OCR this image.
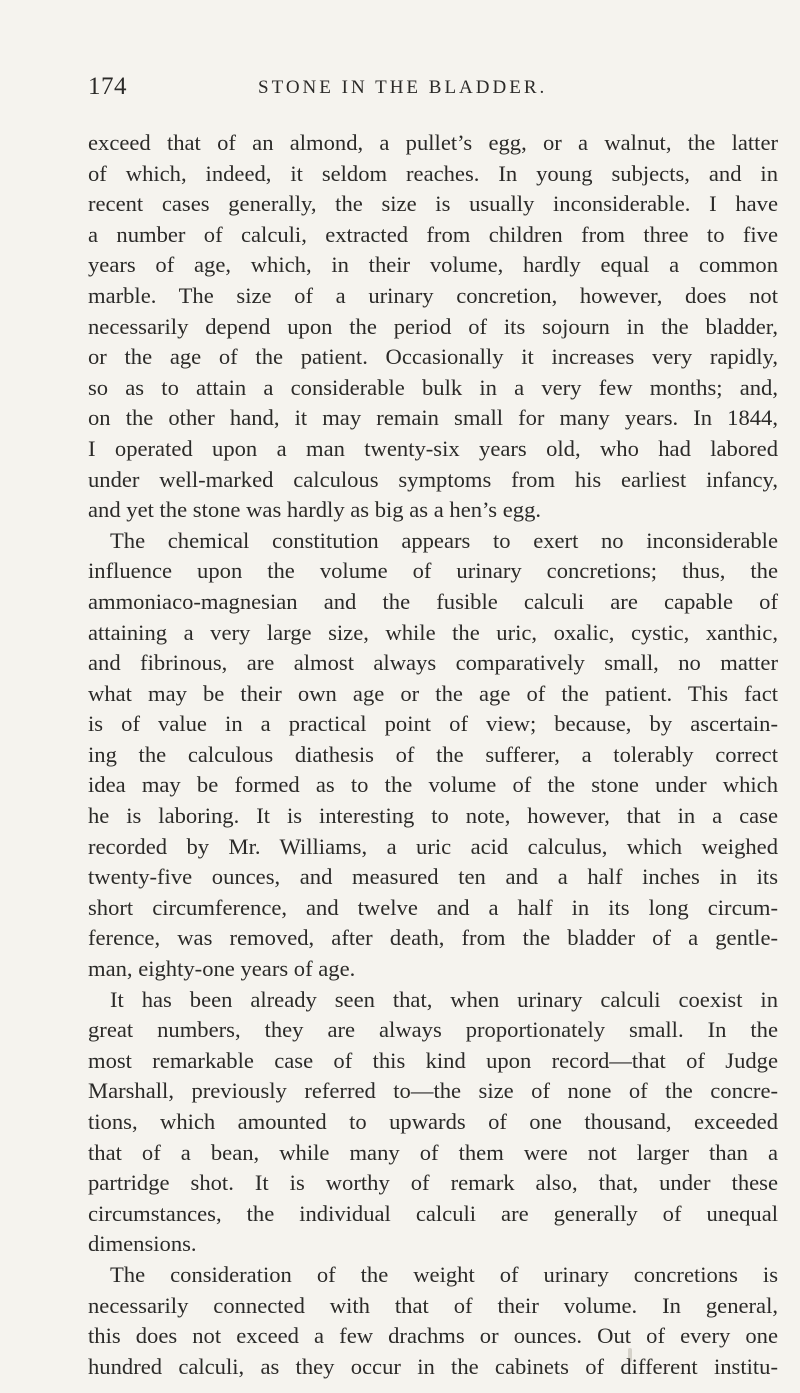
174	STONE IN THE BLADDER.
exceed that of an almond, a pullet’s egg, or a walnut, the latter
of which, indeed, it seldom reaches. In young subjects, and in
recent cases generally, the size is usually inconsiderable. I have
a number of calculi, extracted from children from three to five
years of age, which, in their volume, hardly equal a common
marble. The size of a urinary concretion, however, does not
necessarily depend upon the period of its sojourn in the bladder,
or the age of the patient. Occasionally it increases very rapidly,
so as to attain a considerable bulk in a very few months; and,
on the other hand, it may remain small for many years. In 1844,
I operated upon a man twenty-six years old, who had labored
under well-marked calculous symptoms from his earliest infancy,
and yet the stone was hardly as big as a hen’s egg.
The chemical constitution appears to exert no inconsiderable
influence upon the volume of urinary concretions; thus, the
ammoniaco-magnesian and the fusible calculi are capable of
attaining a very large size, while the uric, oxalic, cystic, xanthic,
and fibrinous, are almost always comparatively small, no matter
what may be their own age or the age of the patient. This fact
is of value in a practical point of view; because, by ascertain-
ing the calculous diathesis of the sufferer, a tolerably correct
idea may be formed as to the volume of the stone under which
he is laboring. It is interesting to note, however, that in a case
recorded by Mr. Williams, a uric acid calculus, which weighed
twenty-five ounces, and measured ten and a half inches in its
short circumference, and twelve and a half in its long circum-
ference, was removed, after death, from the bladder of a gentle-
man, eighty-one years of age.
It has been already seen that, when urinary calculi coexist in
great numbers, they are always proportionately small. In the
most remarkable case of this kind upon record—that of Judge
Marshall, previously referred to—the size of none of the concre-
tions, which amounted to upwards of one thousand, exceeded
that of a bean, while many of them were not larger than a
partridge shot. It is worthy of remark also, that, under these
circumstances, the individual calculi are generally of unequal
dimensions.
The consideration of the weight of urinary concretions is
necessarily connected with that of their volume. In general,
this does not exceed a few drachms or ounces. Out of every one
hundred calculi, as they occur in the cabinets of different institu-
